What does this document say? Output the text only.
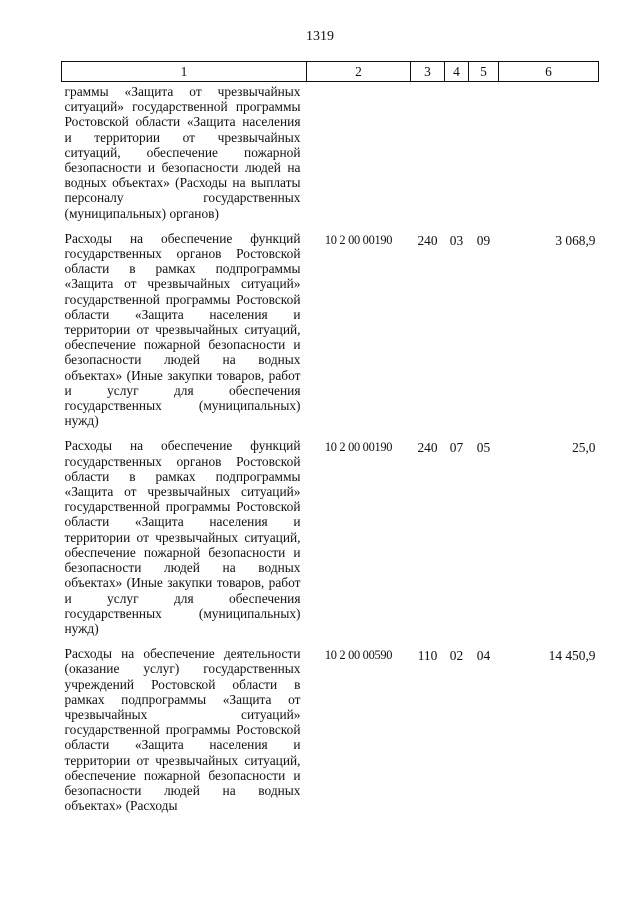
1319
1	2	3	4	5	6
граммы «Защита от чрезвычайных ситуаций» государственной программы Ростовской области «Защита населения и территории от чрезвычайных ситуаций, обеспечение пожарной безопасности и безопасности людей на водных объектах» (Расходы на выплаты персоналу государственных (муниципальных) органов)					
Расходы на обеспечение функций государственных органов Ростовской области в рамках подпрограммы «Защита от чрезвычайных ситуаций» государственной программы Ростовской области «Защита населения и территории от чрезвычайных ситуаций, обеспечение пожарной безопасности и безопасности людей на водных объектах» (Иные закупки товаров, работ и услуг для обеспечения государственных (муниципальных) нужд)	10 2 00 00190	240	03	09	3 068,9
Расходы на обеспечение функций государственных органов Ростовской области в рамках подпрограммы «Защита от чрезвычайных ситуаций» государственной программы Ростовской области «Защита населения и территории от чрезвычайных ситуаций, обеспечение пожарной безопасности и безопасности людей на водных объектах» (Иные закупки товаров, работ и услуг для обеспечения государственных (муниципальных) нужд)	10 2 00 00190	240	07	05	25,0
Расходы на обеспечение деятельности (оказание услуг) государственных учреждений Ростовской области в рамках подпрограммы «Защита от чрезвычайных ситуаций» государственной программы Ростовской области «Защита населения и территории от чрезвычайных ситуаций, обеспечение пожарной безопасности и безопасности людей на водных объектах» (Расходы	10 2 00 00590	110	02	04	14 450,9
